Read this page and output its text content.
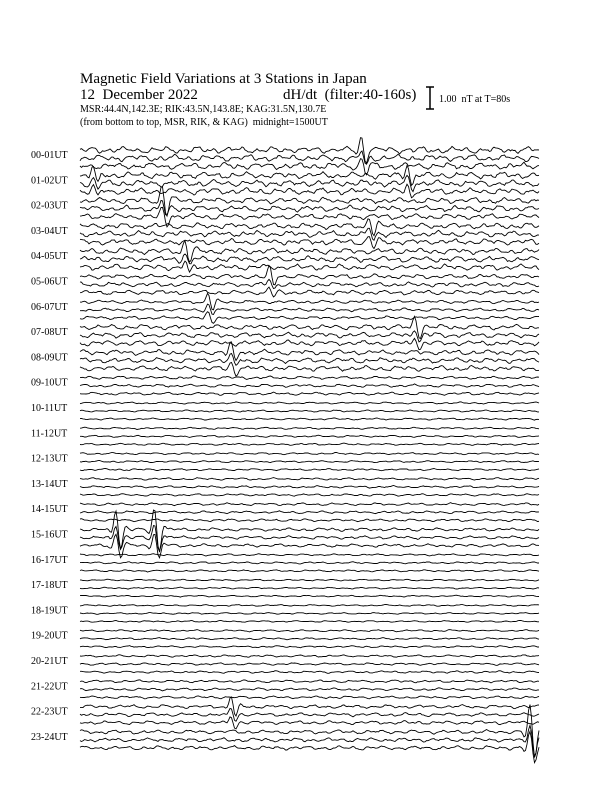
Magnetic Field Variations at 3 Stations in Japan
12  December 2022	dH/dt  (filter:40-160s)
MSR:44.4N,142.3E; RIK:43.5N,143.8E; KAG:31.5N,130.7E
(from bottom to top, MSR, RIK, & KAG)  midnight=1500UT
1.00  nT at T=80s
00-01UT
01-02UT
02-03UT
03-04UT
04-05UT
05-06UT
06-07UT
07-08UT
08-09UT
09-10UT
10-11UT
11-12UT
12-13UT
13-14UT
14-15UT
15-16UT
16-17UT
17-18UT
18-19UT
19-20UT
20-21UT
21-22UT
22-23UT
23-24UT
